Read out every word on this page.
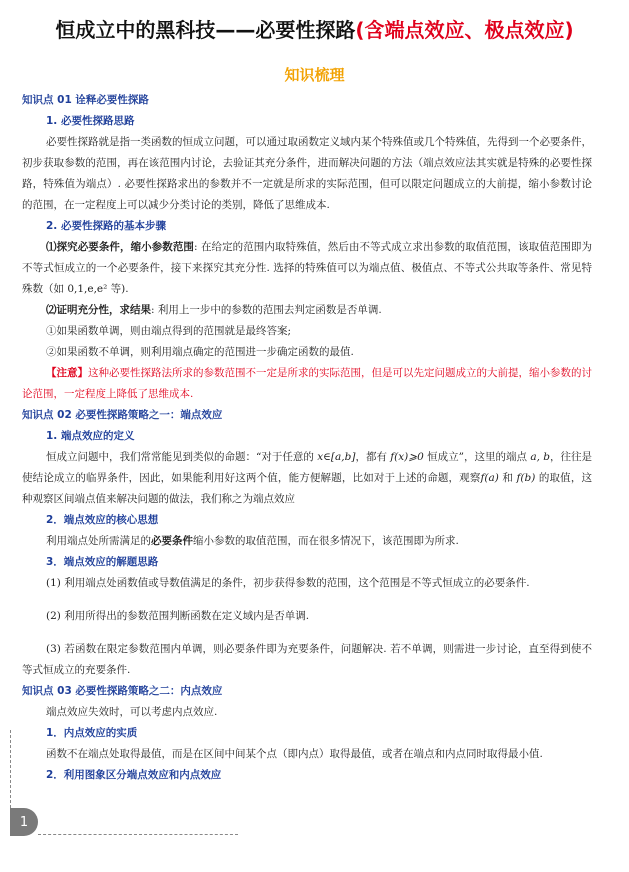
恒成立中的黑科技——必要性探路(含端点效应、极点效应)
知识梳理
知识点 01 诠释必要性探路
1. 必要性探路思路

必要性探路就是指一类函数的恒成立问题，可以通过取函数定义域内某个特殊值或几个特殊值，先得到一个必要条件，初步获取参数的范围，再在该范围内讨论，去验证其充分条件，进而解决问题的方法（端点效应法其实就是特殊的必要性探路，特殊值为端点）. 必要性探路求出的参数并不一定就是所求的实际范围，但可以限定问题成立的大前提，缩小参数讨论的范围，在一定程度上可以减少分类讨论的类别，降低了思维成本.

2. 必要性探路的基本步骤

⑴探究必要条件，缩小参数范围: 在给定的范围内取特殊值，然后由不等式成立求出参数的取值范围，该取值范围即为不等式恒成立的一个必要条件，接下来探究其充分性. 选择的特殊值可以为端点值、极值点、不等式公共取等条件、常见特殊数（如 0,1,e,e² 等).

⑵证明充分性，求结果: 利用上一步中的参数的范围去判定函数是否单调.

①如果函数单调，则由端点得到的范围就是最终答案;

②如果函数不单调，则利用端点确定的范围进一步确定函数的最值.

【注意】这种必要性探路法所求的参数范围不一定是所求的实际范围，但是可以先定问题成立的大前提，缩小参数的讨论范围，一定程度上降低了思维成本.

知识点 02 必要性探路策略之一：端点效应
1. 端点效应的定义

恒成立问题中，我们常常能见到类似的命题：“对于任意的 x∈[a,b]，都有 f(x)⩾0 恒成立”，这里的端点 a, b，往往是使结论成立的临界条件，因此，如果能利用好这两个值，能方便解题，比如对于上述的命题，观察f(a) 和 f(b) 的取值，这种观察区间端点值来解决问题的做法，我们称之为端点效应

2．端点效应的核心思想

利用端点处所需满足的必要条件缩小参数的取值范围，而在很多情况下，该范围即为所求.

3．端点效应的解题思路

(1) 利用端点处函数值或导数值满足的条件，初步获得参数的范围，这个范围是不等式恒成立的必要条件.

(2) 利用所得出的参数范围判断函数在定义域内是否单调.

(3) 若函数在限定参数范围内单调，则必要条件即为充要条件，问题解决. 若不单调，则需进一步讨论，直至得到使不等式恒成立的充要条件.

知识点 03 必要性探路策略之二：内点效应

端点效应失效时，可以考虑内点效应.

1．内点效应的实质

函数不在端点处取得最值，而是在区间中间某个点（即内点）取得最值，或者在端点和内点同时取得最小值.

2．利用图象区分端点效应和内点效应
1
